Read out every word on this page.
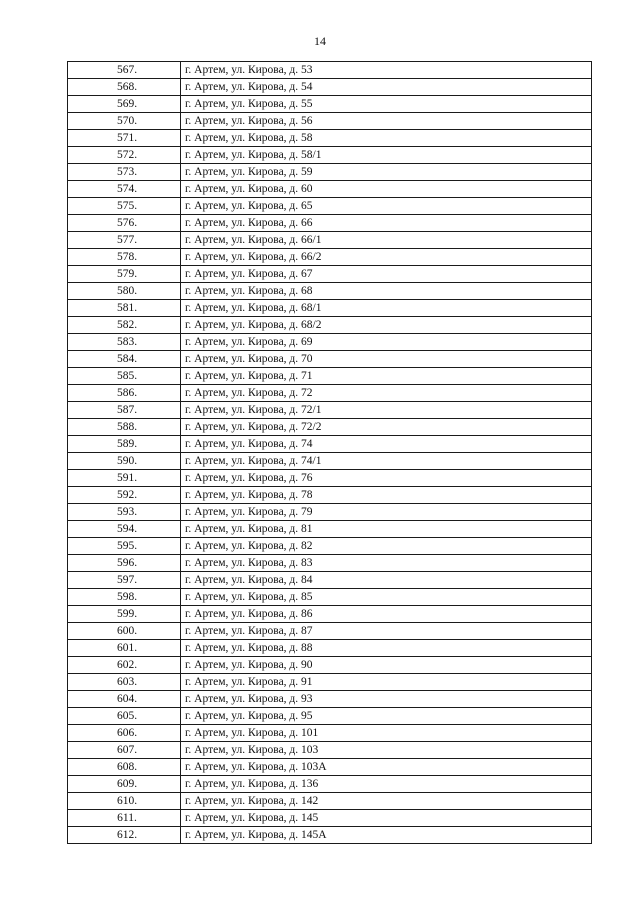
14
567.	г. Артем, ул. Кирова, д. 53
568.	г. Артем, ул. Кирова, д. 54
569.	г. Артем, ул. Кирова, д. 55
570.	г. Артем, ул. Кирова, д. 56
571.	г. Артем, ул. Кирова, д. 58
572.	г. Артем, ул. Кирова, д. 58/1
573.	г. Артем, ул. Кирова, д. 59
574.	г. Артем, ул. Кирова, д. 60
575.	г. Артем, ул. Кирова, д. 65
576.	г. Артем, ул. Кирова, д. 66
577.	г. Артем, ул. Кирова, д. 66/1
578.	г. Артем, ул. Кирова, д. 66/2
579.	г. Артем, ул. Кирова, д. 67
580.	г. Артем, ул. Кирова, д. 68
581.	г. Артем, ул. Кирова, д. 68/1
582.	г. Артем, ул. Кирова, д. 68/2
583.	г. Артем, ул. Кирова, д. 69
584.	г. Артем, ул. Кирова, д. 70
585.	г. Артем, ул. Кирова, д. 71
586.	г. Артем, ул. Кирова, д. 72
587.	г. Артем, ул. Кирова, д. 72/1
588.	г. Артем, ул. Кирова, д. 72/2
589.	г. Артем, ул. Кирова, д. 74
590.	г. Артем, ул. Кирова, д. 74/1
591.	г. Артем, ул. Кирова, д. 76
592.	г. Артем, ул. Кирова, д. 78
593.	г. Артем, ул. Кирова, д. 79
594.	г. Артем, ул. Кирова, д. 81
595.	г. Артем, ул. Кирова, д. 82
596.	г. Артем, ул. Кирова, д. 83
597.	г. Артем, ул. Кирова, д. 84
598.	г. Артем, ул. Кирова, д. 85
599.	г. Артем, ул. Кирова, д. 86
600.	г. Артем, ул. Кирова, д. 87
601.	г. Артем, ул. Кирова, д. 88
602.	г. Артем, ул. Кирова, д. 90
603.	г. Артем, ул. Кирова, д. 91
604.	г. Артем, ул. Кирова, д. 93
605.	г. Артем, ул. Кирова, д. 95
606.	г. Артем, ул. Кирова, д. 101
607.	г. Артем, ул. Кирова, д. 103
608.	г. Артем, ул. Кирова, д. 103А
609.	г. Артем, ул. Кирова, д. 136
610.	г. Артем, ул. Кирова, д. 142
611.	г. Артем, ул. Кирова, д. 145
612.	г. Артем, ул. Кирова, д. 145А
